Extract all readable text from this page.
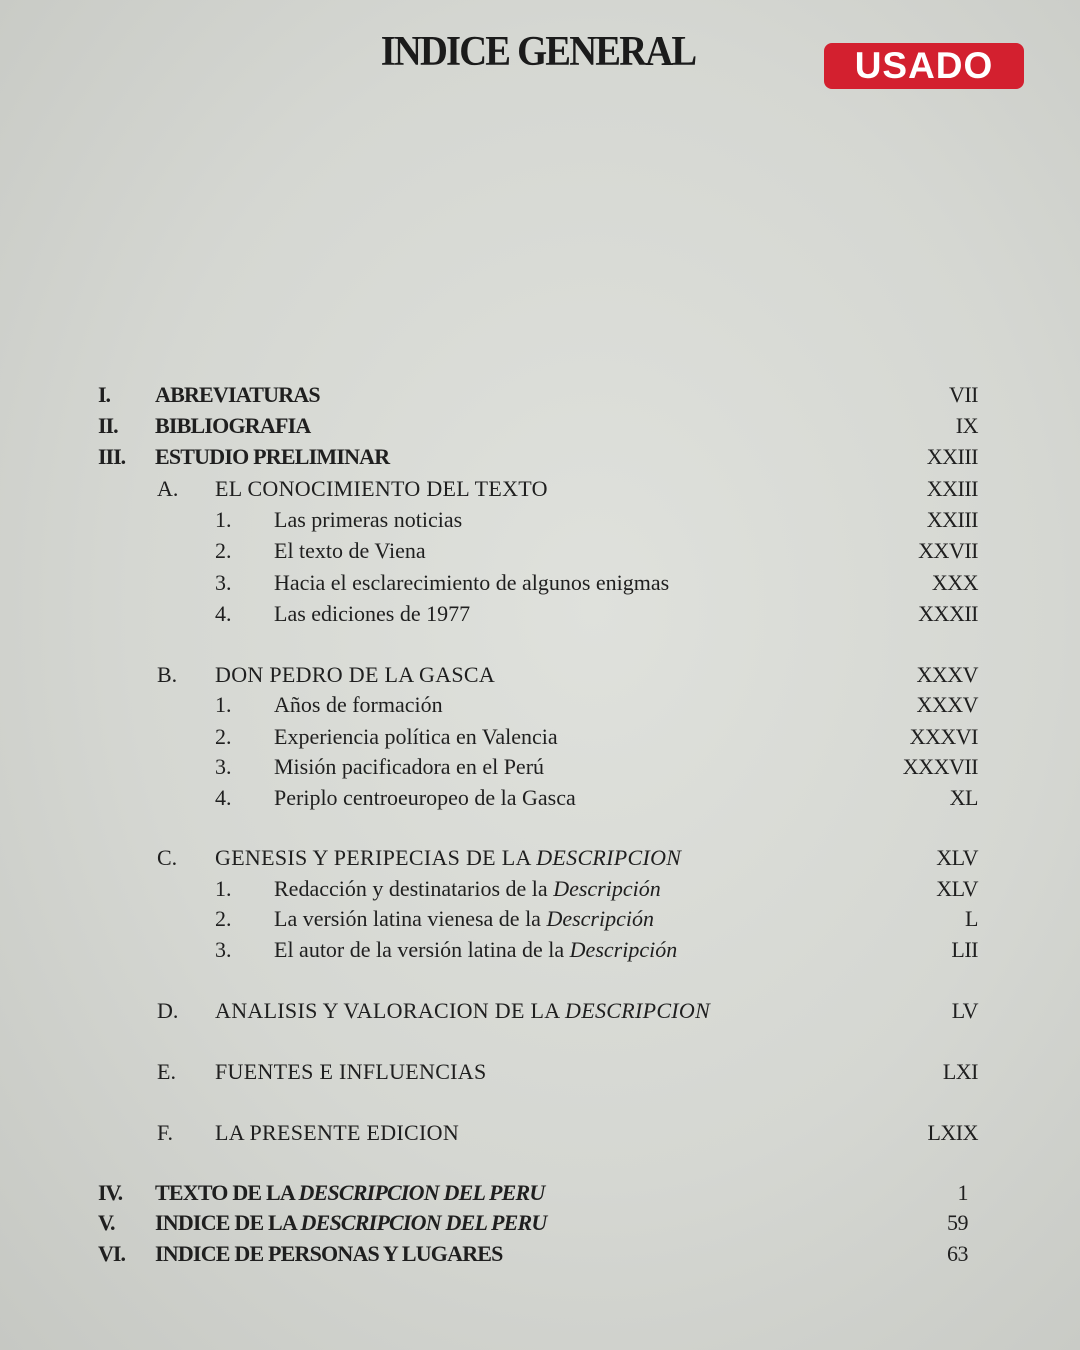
INDICE GENERAL	USADO
I. ABREVIATURAS	VII
II. BIBLIOGRAFIA	IX
III. ESTUDIO PRELIMINAR	XXIII
A. EL CONOCIMIENTO DEL TEXTO	XXIII
1. Las primeras noticias	XXIII
2. El texto de Viena	XXVII
3. Hacia el esclarecimiento de algunos enigmas	XXX
4. Las ediciones de 1977	XXXII
B. DON PEDRO DE LA GASCA	XXXV
1. Años de formación	XXXV
2. Experiencia política en Valencia	XXXVI
3. Misión pacificadora en el Perú	XXXVII
4. Periplo centroeuropeo de la Gasca	XL
C. GENESIS Y PERIPECIAS DE LA DESCRIPCION	XLV
1. Redacción y destinatarios de la Descripción	XLV
2. La versión latina vienesa de la Descripción	L
3. El autor de la versión latina de la Descripción	LII
D. ANALISIS Y VALORACION DE LA DESCRIPCION	LV
E. FUENTES E INFLUENCIAS	LXI
F. LA PRESENTE EDICION	LXIX
IV. TEXTO DE LA DESCRIPCION DEL PERU	1
V. INDICE DE LA DESCRIPCION DEL PERU	59
VI. INDICE DE PERSONAS Y LUGARES	63
